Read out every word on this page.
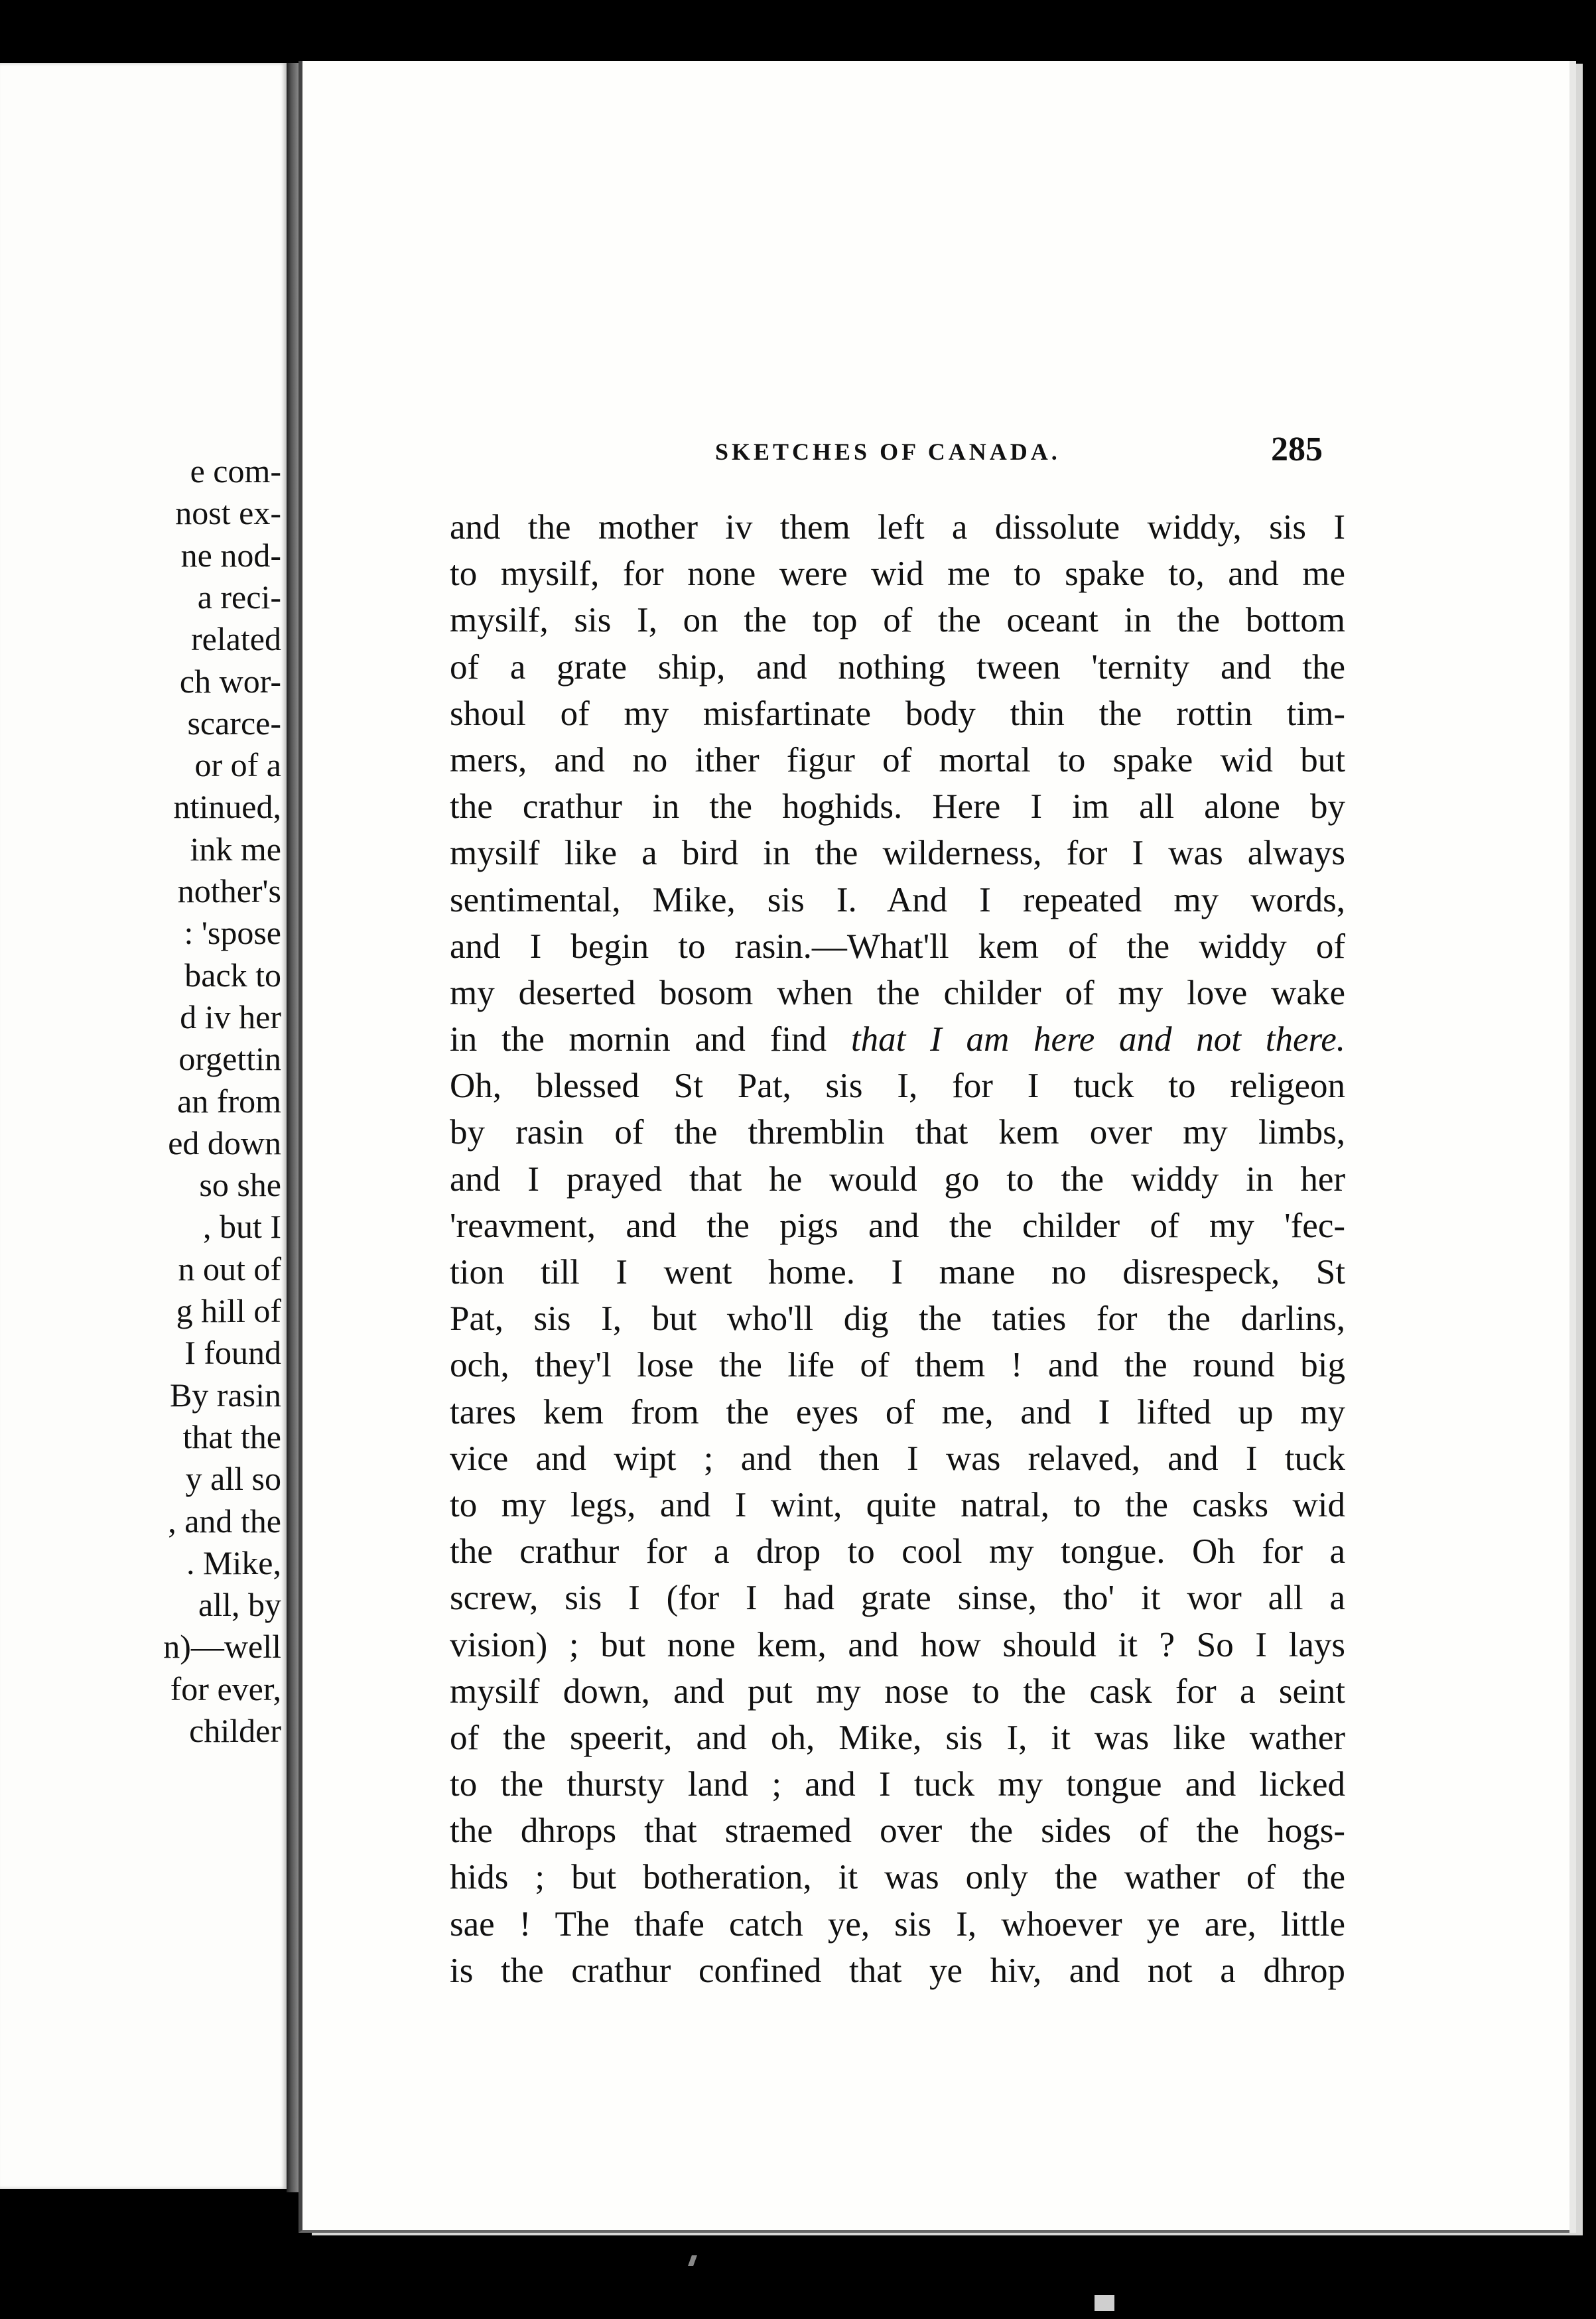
e com-
nost ex-
ne nod-
a reci-
related
ch wor-
scarce-
or of a
ntinued,
ink me
nother's
: 'spose
back to
d iv her
orgettin
an from
ed down
so she
, but I
n out of
g hill of
I found
By rasin
that the
y all so
, and the
. Mike,
all, by
n)—well
for ever,
childer
SKETCHES OF CANADA.	285
and the mother iv them left a dissolute widdy, sis I
to mysilf, for none were wid me to spake to, and me
mysilf, sis I, on the top of the oceant in the bottom
of a grate ship, and nothing tween 'ternity and the
shoul of my misfartinate body thin the rottin tim-
mers, and no ither figur of mortal to spake wid but
the crathur in the hoghids. Here I im all alone by
mysilf like a bird in the wilderness, for I was always
sentimental, Mike, sis I. And I repeated my words,
and I begin to rasin.—What'll kem of the widdy of
my deserted bosom when the childer of my love wake
in the mornin and find that I am here and not there.
Oh, blessed St Pat, sis I, for I tuck to religeon
by rasin of the thremblin that kem over my limbs,
and I prayed that he would go to the widdy in her
'reavment, and the pigs and the childer of my 'fec-
tion till I went home. I mane no disrespeck, St
Pat, sis I, but who'll dig the taties for the darlins,
och, they'l lose the life of them ! and the round big
tares kem from the eyes of me, and I lifted up my
vice and wipt ; and then I was relaved, and I tuck
to my legs, and I wint, quite natral, to the casks wid
the crathur for a drop to cool my tongue. Oh for a
screw, sis I (for I had grate sinse, tho' it wor all a
vision) ; but none kem, and how should it ? So I lays
mysilf down, and put my nose to the cask for a seint
of the speerit, and oh, Mike, sis I, it was like wather
to the thursty land ; and I tuck my tongue and licked
the dhrops that straemed over the sides of the hogs-
hids ; but botheration, it was only the wather of the
sae ! The thafe catch ye, sis I, whoever ye are, little
is the crathur confined that ye hiv, and not a dhrop
